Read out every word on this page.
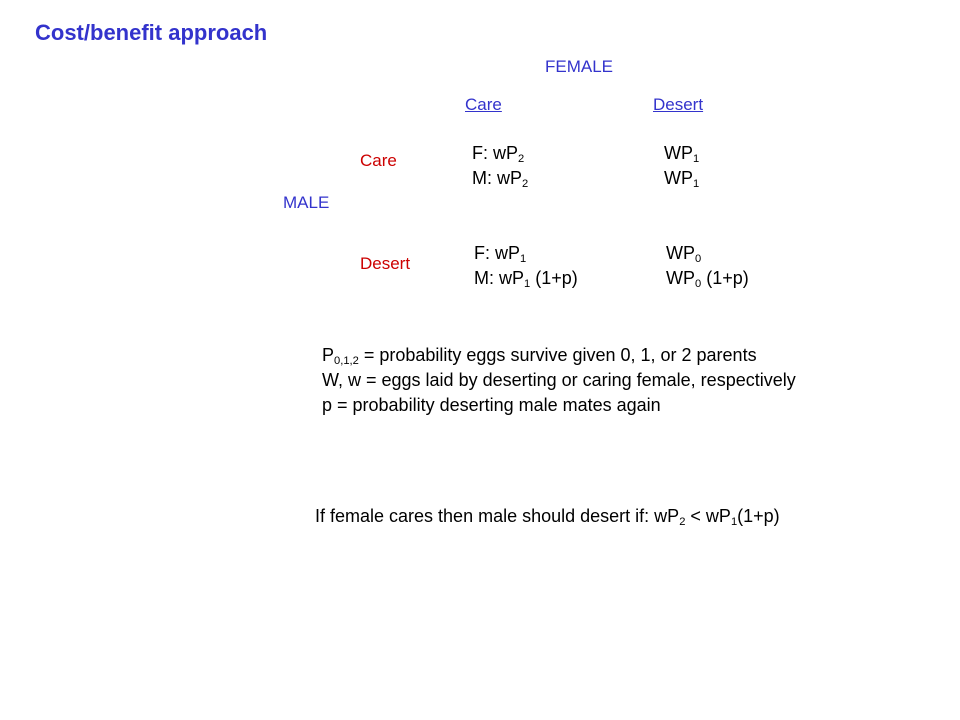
Cost/benefit approach
FEMALE
Care	Desert
MALE
Care
Desert
F: $wP_2$
M: $wP_2$
$WP_1$
$WP_1$
F: $wP_1$
M: $wP_1$ (1+p)
$WP_0$
$WP_0$ (1+p)
$P_{0,1,2}$ = probability eggs survive given 0, 1, or 2 parents
W, w = eggs laid by deserting or caring female, respectively
p = probability deserting male mates again
If female cares then male should desert if: $wP_2 < wP_1(1+p)$
